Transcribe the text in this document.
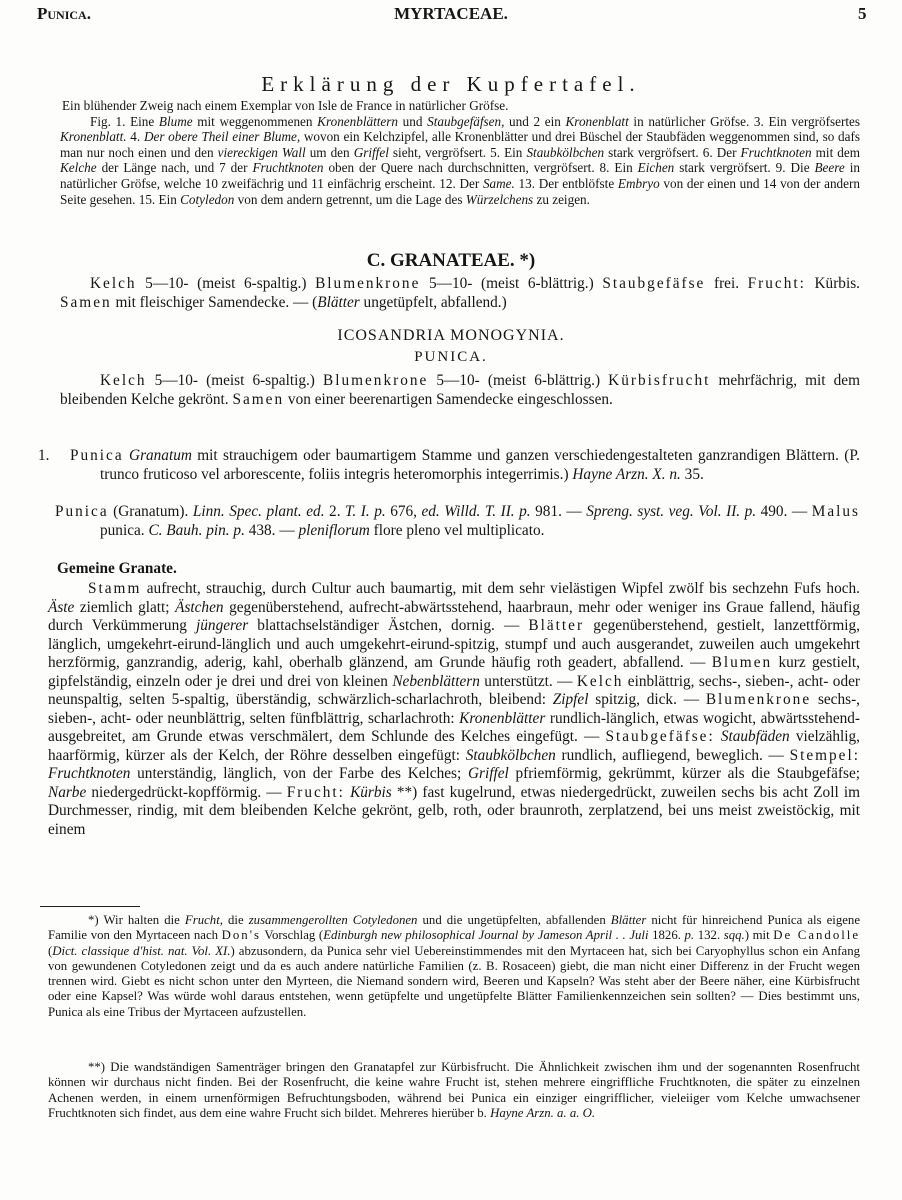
Punica.	MYRTACEAE.	5
Erklärung der Kupfertafel.

Ein blühender Zweig nach einem Exemplar von Isle de France in natürlicher Gröfse.

Fig. 1. Eine Blume mit weggenommenen Kronenblättern und Staubgefäfsen, und 2 ein Kronenblatt in natürlicher Gröfse. 3. Ein vergröfsertes Kronenblatt. 4. Der obere Theil einer Blume, wovon ein Kelchzipfel, alle Kronenblätter und drei Büschel der Staubfäden weggenommen sind, so dafs man nur noch einen und den viereckigen Wall um den Griffel sieht, vergröfsert. 5. Ein Staubkölbchen stark vergröfsert. 6. Der Fruchtknoten mit dem Kelche der Länge nach, und 7 der Fruchtknoten oben der Quere nach durchschnitten, vergröfsert. 8. Ein Eichen stark vergröfsert. 9. Die Beere in natürlicher Gröfse, welche 10 zweifächrig und 11 einfächrig erscheint. 12. Der Same. 13. Der entblöfste Embryo von der einen und 14 von der andern Seite gesehen. 15. Ein Cotyledon von dem andern getrennt, um die Lage des Würzelchens zu zeigen.

C. GRANATEAE. *)
Kelch 5—10- (meist 6-spaltig.) Blumenkrone 5—10- (meist 6-blättrig.) Staubgefäfse frei. Frucht: Kürbis. Samen mit fleischiger Samendecke. — (Blätter ungetüpfelt, abfallend.)
ICOSANDRIA MONOGYNIA.
PUNICA.
Kelch 5—10- (meist 6-spaltig.) Blumenkrone 5—10- (meist 6-blättrig.) Kürbisfrucht mehrfächrig, mit dem bleibenden Kelche gekrönt. Samen von einer beerenartigen Samendecke eingeschlossen.
1. Punica Granatum mit strauchigem oder baumartigem Stamme und ganzen verschiedengestalteten ganzrandigen Blättern. (P. trunco fruticoso vel arborescente, foliis integris heteromorphis integerrimis.) Hayne Arzn. X. n. 35.
Punica (Granatum). Linn. Spec. plant. ed. 2. T. I. p. 676, ed. Willd. T. II. p. 981. — Spreng. syst. veg. Vol. II. p. 490. — Malus punica. C. Bauh. pin. p. 438. — pleniflorum flore pleno vel multiplicato.
Gemeine Granate.
Stamm aufrecht, strauchig, durch Cultur auch baumartig, mit dem sehr vielästigen Wipfel zwölf bis sechzehn Fufs hoch. Äste ziemlich glatt; Ästchen gegenüberstehend, aufrecht-abwärtsstehend, haarbraun, mehr oder weniger ins Graue fallend, häufig durch Verkümmerung jüngerer blattachselständiger Ästchen, dornig. — Blätter gegenüberstehend, gestielt, lanzettförmig, länglich, umgekehrt-eirund-länglich und auch umgekehrt-eirund-spitzig, stumpf und auch ausgerandet, zuweilen auch umgekehrt herzförmig, ganzrandig, aderig, kahl, oberhalb glänzend, am Grunde häufig roth geadert, abfallend. — Blumen kurz gestielt, gipfelständig, einzeln oder je drei und drei von kleinen Nebenblättern unterstützt. — Kelch einblättrig, sechs-, sieben-, acht- oder neunspaltig, selten 5-spaltig, überständig, schwärzlich-scharlachroth, bleibend: Zipfel spitzig, dick. — Blumenkrone sechs-, sieben-, acht- oder neunblättrig, selten fünfblättrig, scharlachroth: Kronenblätter rundlich-länglich, etwas wogicht, abwärtsstehend-ausgebreitet, am Grunde etwas verschmälert, dem Schlunde des Kelches eingefügt. — Staubgefäfse: Staubfäden vielzählig, haarförmig, kürzer als der Kelch, der Röhre desselben eingefügt: Staubkölbchen rundlich, aufliegend, beweglich. — Stempel: Fruchtknoten unterständig, länglich, von der Farbe des Kelches; Griffel pfriemförmig, gekrümmt, kürzer als die Staubgefäfse; Narbe niedergedrückt-kopfförmig. — Frucht: Kürbis **) fast kugelrund, etwas niedergedrückt, zuweilen sechs bis acht Zoll im Durchmesser, rindig, mit dem bleibenden Kelche gekrönt, gelb, roth, oder braunroth, zerplatzend, bei uns meist zweistöckig, mit einem
*) Wir halten die Frucht, die zusammengerollten Cotyledonen und die ungetüpfelten, abfallenden Blätter nicht für hinreichend Punica als eigene Familie von den Myrtaceen nach Don's Vorschlag (Edinburgh new philosophical Journal by Jameson April . . Juli 1826. p. 132. sqq.) mit De Candolle (Dict. classique d'hist. nat. Vol. XI.) abzusondern, da Punica sehr viel Uebereinstimmendes mit den Myrtaceen hat, sich bei Caryophyllus schon ein Anfang von gewundenen Cotyledonen zeigt und da es auch andere natürliche Familien (z. B. Rosaceen) giebt, die man nicht einer Differenz in der Frucht wegen trennen wird. Giebt es nicht schon unter den Myrteen, die Niemand sondern wird, Beeren und Kapseln? Was steht aber der Beere näher, eine Kürbisfrucht oder eine Kapsel? Was würde wohl daraus entstehen, wenn getüpfelte und ungetüpfelte Blätter Familienkennzeichen sein sollten? — Dies bestimmt uns, Punica als eine Tribus der Myrtaceen aufzustellen.
**) Die wandständigen Samenträger bringen den Granatapfel zur Kürbisfrucht. Die Ähnlichkeit zwischen ihm und der sogenannten Rosenfrucht können wir durchaus nicht finden. Bei der Rosenfrucht, die keine wahre Frucht ist, stehen mehrere eingriffliche Fruchtknoten, die später zu einzelnen Achenen werden, in einem urnenförmigen Befruchtungsboden, während bei Punica ein einziger eingrifflicher, vieleiiger vom Kelche umwachsener Fruchtknoten sich findet, aus dem eine wahre Frucht sich bildet. Mehreres hierüber b. Hayne Arzn. a. a. O.
